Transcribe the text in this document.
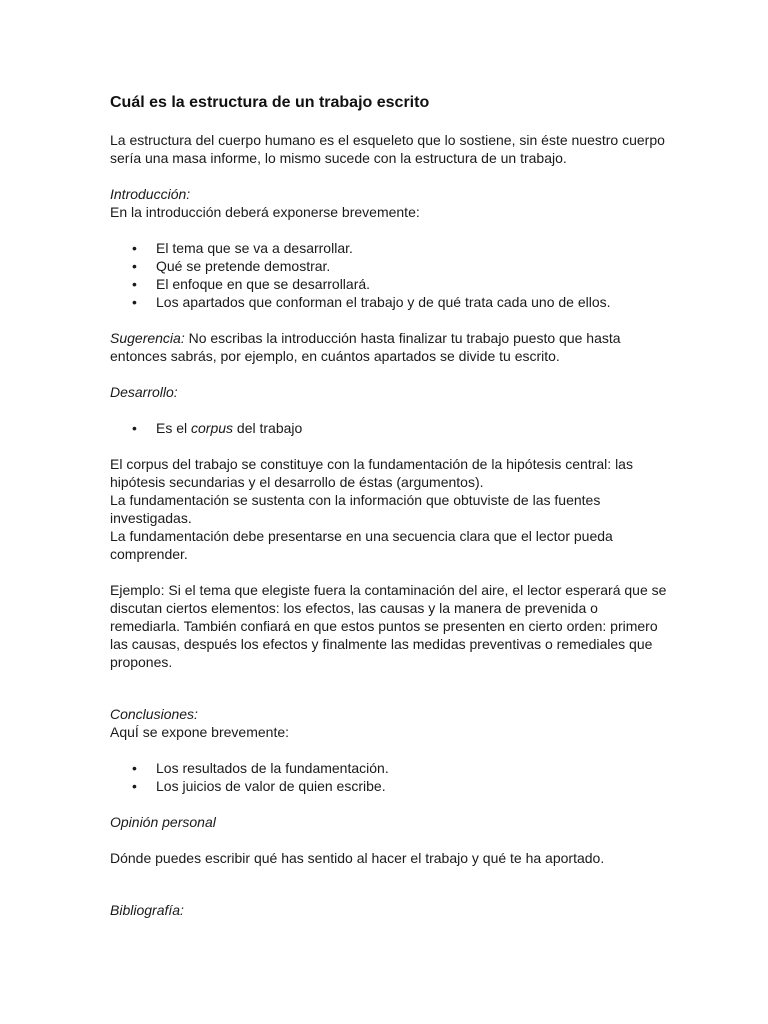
Cuál es la estructura de un trabajo escrito

La estructura del cuerpo humano es el esqueleto que lo sostiene, sin éste nuestro cuerpo sería una masa informe, lo mismo sucede con la estructura de un trabajo.

Introducción:

En la introducción deberá exponerse brevemente:

• El tema que se va a desarrollar.
• Qué se pretende demostrar.
• El enfoque en que se desarrollará.
• Los apartados que conforman el trabajo y de qué trata cada uno de ellos.

Sugerencia: No escribas la introducción hasta finalizar tu trabajo puesto que hasta entonces sabrás, por ejemplo, en cuántos apartados se divide tu escrito.

Desarrollo:

• Es el corpus del trabajo

El corpus del trabajo se constituye con la fundamentación de la hipótesis central: las hipótesis secundarias y el desarrollo de éstas (argumentos).

La fundamentación se sustenta con la información que obtuviste de las fuentes investigadas.

La fundamentación debe presentarse en una secuencia clara que el lector pueda comprender.

Ejemplo: Si el tema que elegiste fuera la contaminación del aire, el lector esperará que se discutan ciertos elementos: los efectos, las causas y la manera de prevenida o remediarla. También confiará en que estos puntos se presenten en cierto orden: primero las causas, después los efectos y finalmente las medidas preventivas o remediales que propones.

Conclusiones:

AquÍ se expone brevemente:

• Los resultados de la fundamentación.
• Los juicios de valor de quien escribe.

Opinión personal

Dónde puedes escribir qué has sentido al hacer el trabajo y qué te ha aportado.

Bibliografía:
